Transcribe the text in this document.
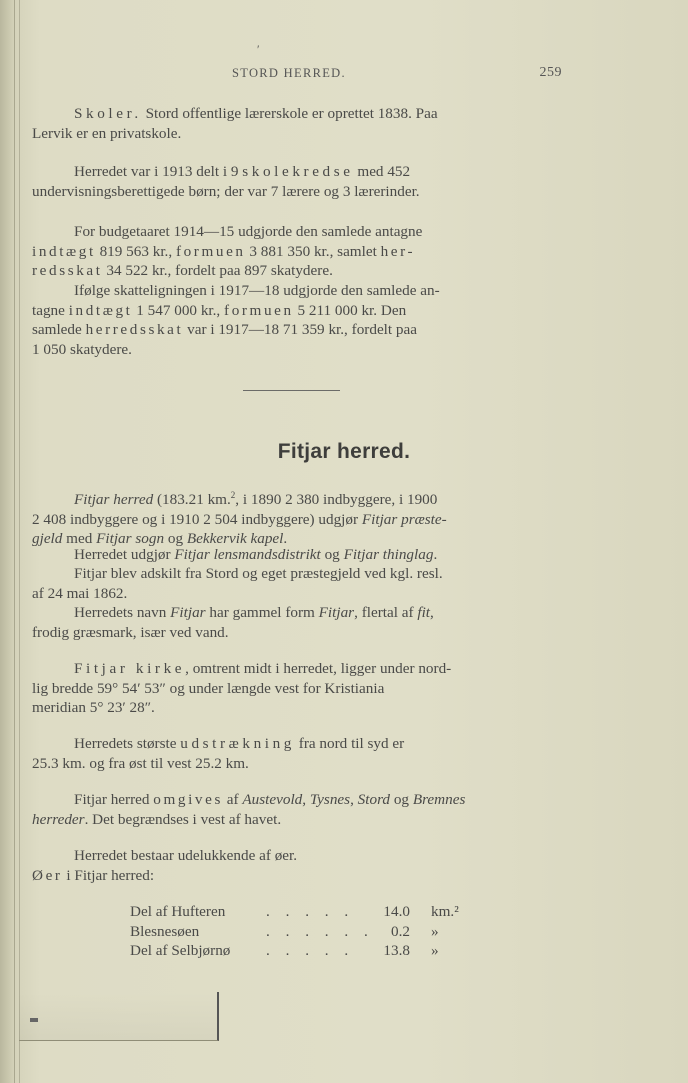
′
STORD HERRED.	259

Skoler. Stord offentlige lærerskole er oprettet 1838. Paa
Lervik er en privatskole.

Herredet var i 1913 delt i 9 skolekredse med 452
undervisningsberettigede børn; der var 7 lærere og 3 lærerinder.

For budgetaaret 1914—15 udgjorde den samlede antagne
indtægt 819 563 kr., formuen 3 881 350 kr., samlet her-
redsskat 34 522 kr., fordelt paa 897 skatydere.

Ifølge skatteligningen i 1917—18 udgjorde den samlede an-
tagne indtægt 1 547 000 kr., formuen 5 211 000 kr. Den
samlede herredsskat var i 1917—18 71 359 kr., fordelt paa
1 050 skatydere.

Fitjar herred.

Fitjar herred (183.21 km.$^2$, i 1890 2 380 indbyggere, i 1900
2 408 indbyggere og i 1910 2 504 indbyggere) udgjør Fitjar præste-
gjeld med Fitjar sogn og Bekkervik kapel.

Herredet udgjør Fitjar lensmandsdistrikt og Fitjar thinglag.

Fitjar blev adskilt fra Stord og eget præstegjeld ved kgl. resl.
af 24 mai 1862.

Herredets navn Fitjar har gammel form Fitjar, flertal af fit,
frodig græsmark, især ved vand.

Fitjar kirke, omtrent midt i herredet, ligger under nord-
lig bredde 59° 54′ 53″ og under længde vest for Kristiania
meridian 5° 23′ 28″.

Herredets største udstrækning fra nord til syd er
25.3 km. og fra øst til vest 25.2 km.

Fitjar herred omgives af Austevold, Tysnes, Stord og Bremnes
herreder. Det begrændses i vest af havet.

Herredet bestaar udelukkende af øer.
Øer i Fitjar herred:

Del af Hufteren	. . . . . 14.0 km.²
Blesnesøen	. . . . . . 0.2 »
Del af Selbjørnø . . . . . 13.8 »
